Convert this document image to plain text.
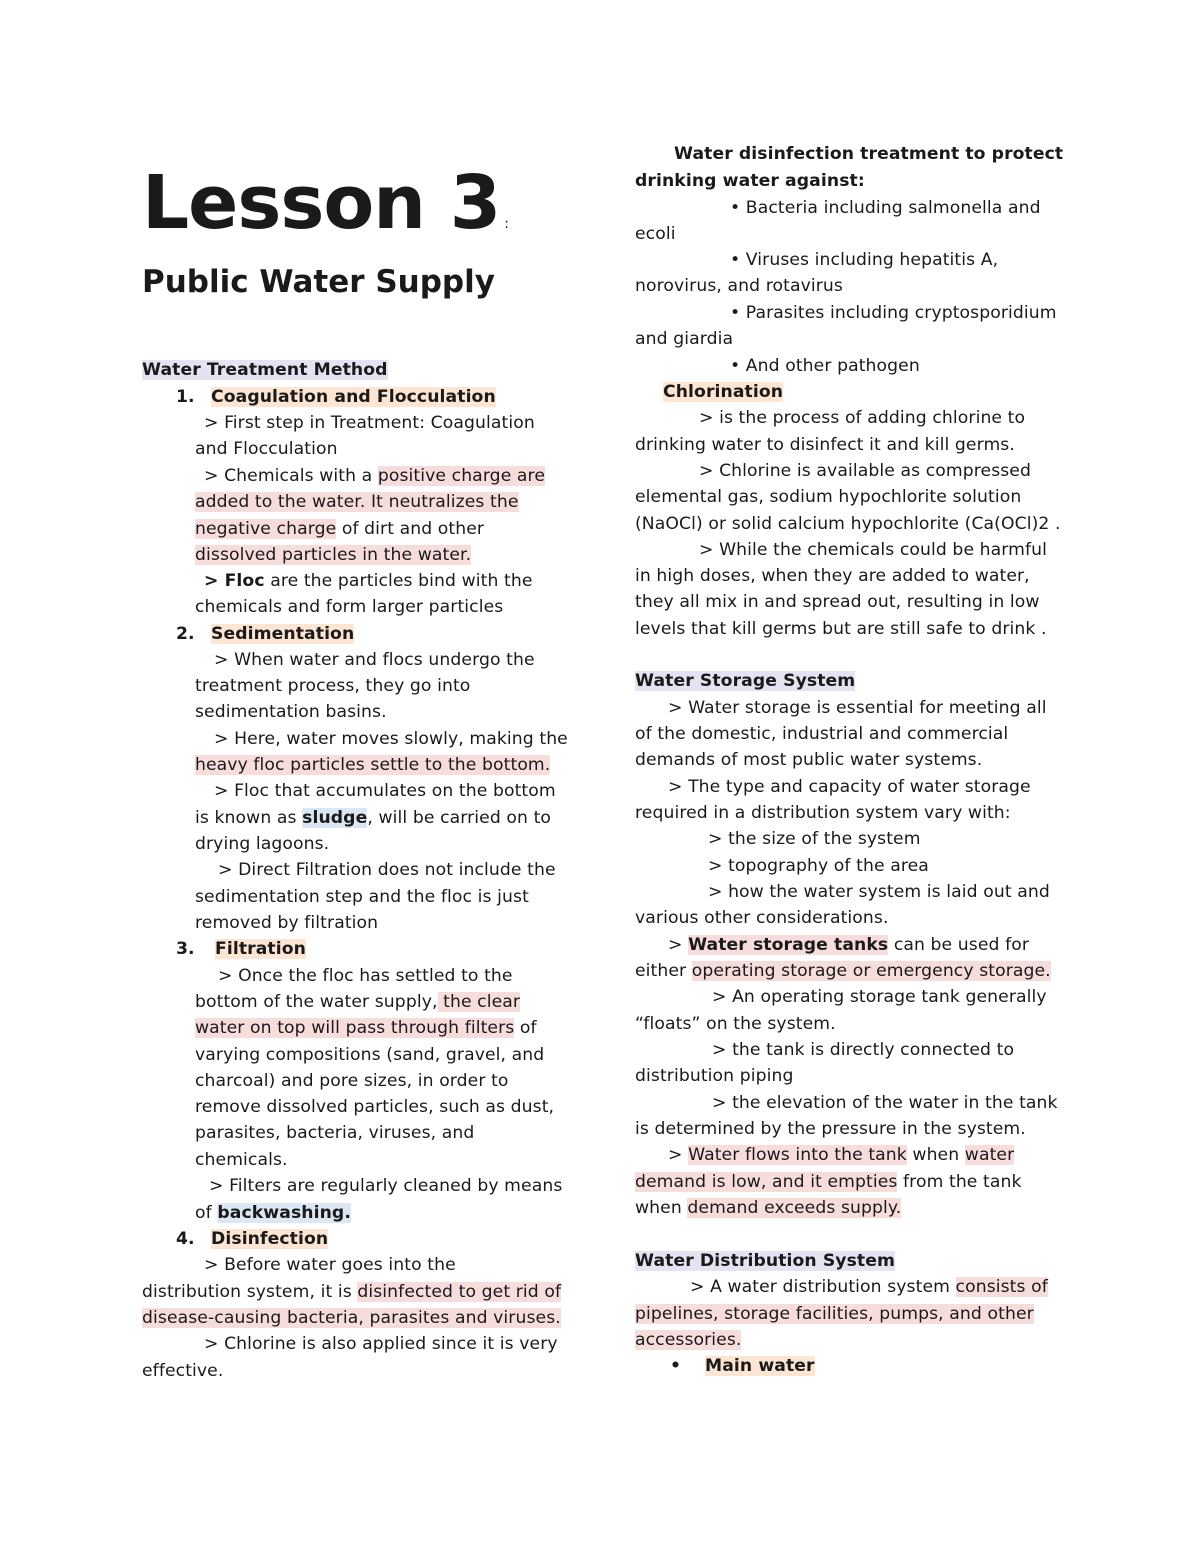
Lesson 3 :
Public Water Supply
Water Treatment Method
1. Coagulation and Flocculation
> First step in Treatment: Coagulation
and Flocculation
> Chemicals with a positive charge are
added to the water. It neutralizes the
negative charge of dirt and other
dissolved particles in the water.
> Floc are the particles bind with the
chemicals and form larger particles
2. Sedimentation
> When water and flocs undergo the
treatment process, they go into
sedimentation basins.
> Here, water moves slowly, making the
heavy floc particles settle to the bottom.
> Floc that accumulates on the bottom
is known as sludge, will be carried on to
drying lagoons.
> Direct Filtration does not include the
sedimentation step and the floc is just
removed by filtration
3. Filtration
> Once the floc has settled to the
bottom of the water supply, the clear
water on top will pass through filters of
varying compositions (sand, gravel, and
charcoal) and pore sizes, in order to
remove dissolved particles, such as dust,
parasites, bacteria, viruses, and
chemicals.
> Filters are regularly cleaned by means
of backwashing.
4. Disinfection
> Before water goes into the
distribution system, it is disinfected to get rid of
disease-causing bacteria, parasites and viruses.
> Chlorine is also applied since it is very
effective.
Water disinfection treatment to protect
drinking water against:
• Bacteria including salmonella and
ecoli
• Viruses including hepatitis A,
norovirus, and rotavirus
• Parasites including cryptosporidium
and giardia
• And other pathogen
Chlorination
> is the process of adding chlorine to
drinking water to disinfect it and kill germs.
> Chlorine is available as compressed
elemental gas, sodium hypochlorite solution
(NaOCl) or solid calcium hypochlorite (Ca(OCl)2 .
> While the chemicals could be harmful
in high doses, when they are added to water,
they all mix in and spread out, resulting in low
levels that kill germs but are still safe to drink .
Water Storage System
> Water storage is essential for meeting all
of the domestic, industrial and commercial
demands of most public water systems.
> The type and capacity of water storage
required in a distribution system vary with:
> the size of the system
> topography of the area
> how the water system is laid out and
various other considerations.
> Water storage tanks can be used for
either operating storage or emergency storage.
> An operating storage tank generally
“floats” on the system.
> the tank is directly connected to
distribution piping
> the elevation of the water in the tank
is determined by the pressure in the system.
> Water flows into the tank when water
demand is low, and it empties from the tank
when demand exceeds supply.
Water Distribution System
> A water distribution system consists of
pipelines, storage facilities, pumps, and other
accessories.
• Main water
